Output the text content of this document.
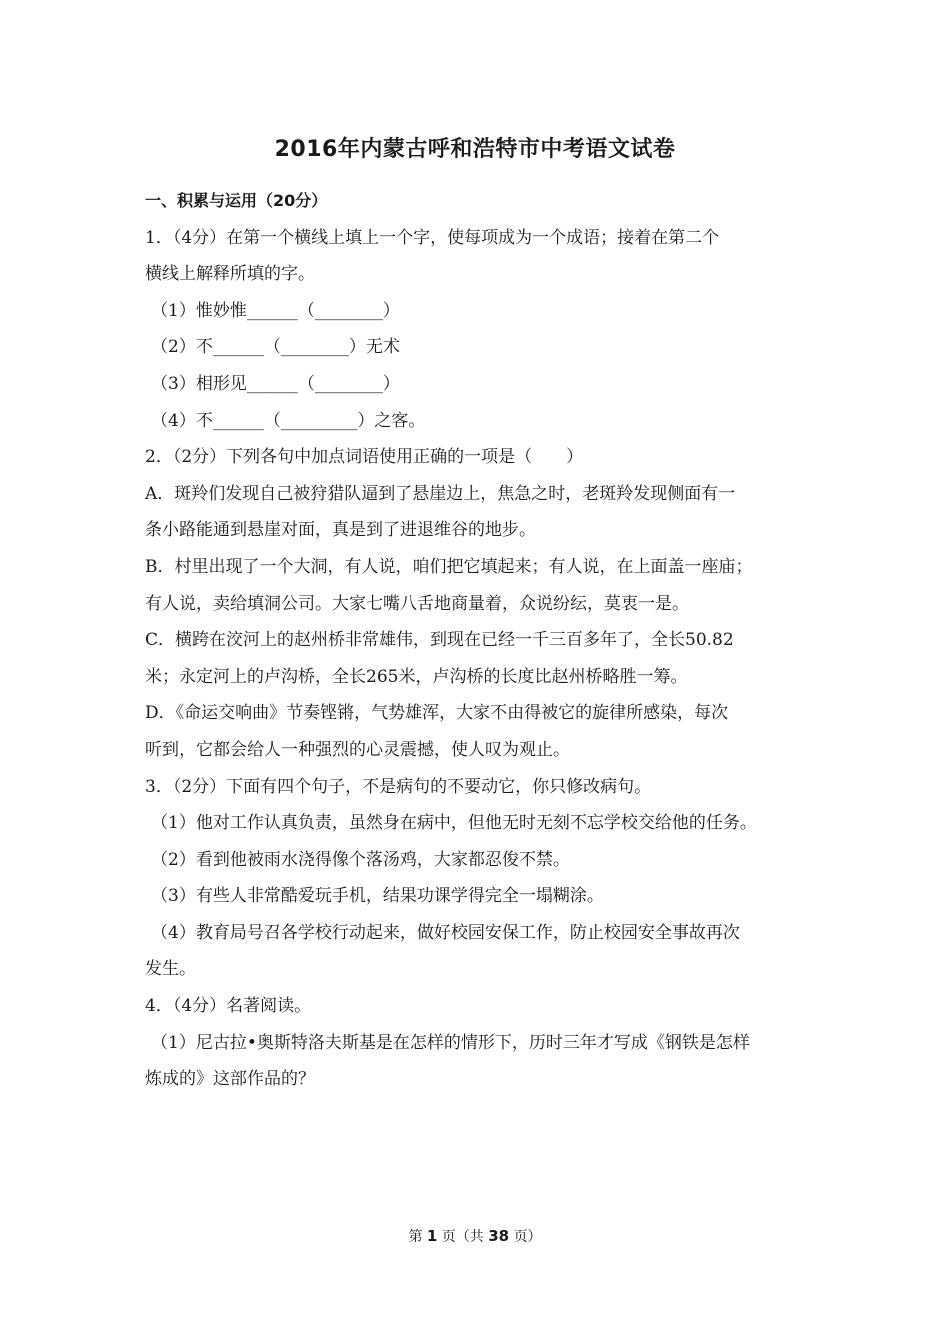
2016年内蒙古呼和浩特市中考语文试卷
一、积累与运用（20分）
1．（4分）在第一个横线上填上一个字，使每项成为一个成语；接着在第二个
横线上解释所填的字。
（1）惟妙惟______（________）
（2）不______（________）无术
（3）相形见______（________）
（4）不______（_________）之客。
2．（2分）下列各句中加点词语使用正确的一项是（　　）
A．斑羚们发现自己被狩猎队逼到了悬崖边上，焦急之时，老斑羚发现侧面有一
条小路能通到悬崖对面，真是到了进退维谷的地步。
B．村里出现了一个大洞，有人说，咱们把它填起来；有人说，在上面盖一座庙；
有人说，卖给填洞公司。大家七嘴八舌地商量着，众说纷纭，莫衷一是。
C．横跨在洨河上的赵州桥非常雄伟，到现在已经一千三百多年了，全长50.82
米；永定河上的卢沟桥，全长265米，卢沟桥的长度比赵州桥略胜一筹。
D．《命运交响曲》节奏铿锵，气势雄浑，大家不由得被它的旋律所感染，每次
听到，它都会给人一种强烈的心灵震撼，使人叹为观止。
3．（2分）下面有四个句子，不是病句的不要动它，你只修改病句。
（1）他对工作认真负责，虽然身在病中，但他无时无刻不忘学校交给他的任务。
（2）看到他被雨水浇得像个落汤鸡，大家都忍俊不禁。
（3）有些人非常酷爱玩手机，结果功课学得完全一塌糊涂。
（4）教育局号召各学校行动起来，做好校园安保工作，防止校园安全事故再次
发生。
4．（4分）名著阅读。
（1）尼古拉•奥斯特洛夫斯基是在怎样的情形下，历时三年才写成《钢铁是怎样
炼成的》这部作品的？
第 1 页（共 38 页）
